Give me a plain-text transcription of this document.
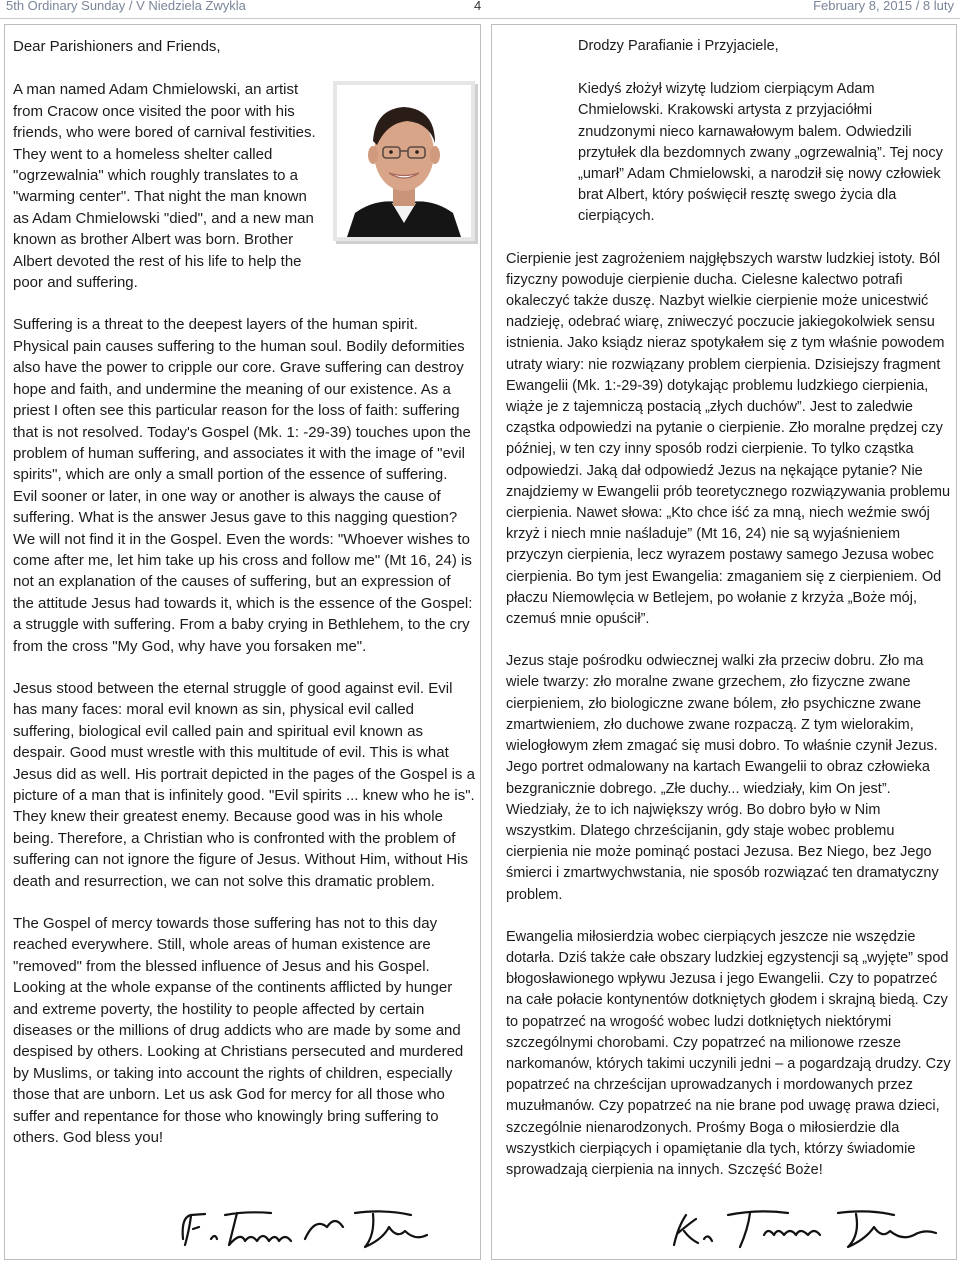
5th Ordinary Sunday / V Niedziela Zwykla	4	February 8, 2015 / 8 luty

Dear Parishioners and Friends,

A man named Adam Chmielowski, an artist from Cracow once visited the poor with his friends, who were bored of carnival festivities. They went to a homeless shelter called "ogrzewalnia" which roughly translates to a "warming center". That night the man known as Adam Chmielowski "died", and a new man known as brother Albert was born. Brother Albert devoted the rest of his life to help the poor and suffering.

Suffering is a threat to the deepest layers of the human spirit. Physical pain causes suffering to the human soul. Bodily deformities also have the power to cripple our core. Grave suffering can destroy hope and faith, and undermine the meaning of our existence. As a priest I often see this particular reason for the loss of faith: suffering that is not resolved. Today's Gospel (Mk. 1: -29-39) touches upon the problem of human suffering, and associates it with the image of "evil spirits", which are only a small portion of the essence of suffering. Evil sooner or later, in one way or another is always the cause of suffering. What is the answer Jesus gave to this nagging question? We will not find it in the Gospel. Even the words: "Whoever wishes to come after me, let him take up his cross and follow me" (Mt 16, 24) is not an explanation of the causes of suffering, but an expression of the attitude Jesus had towards it, which is the essence of the Gospel: a struggle with suffering. From a baby crying in Bethlehem, to the cry from the cross "My God, why have you forsaken me".

Jesus stood between the eternal struggle of good against evil. Evil has many faces: moral evil known as sin, physical evil called suffering, biological evil called pain and spiritual evil known as despair. Good must wrestle with this multitude of evil. This is what Jesus did as well. His portrait depicted in the pages of the Gospel is a picture of a man that is infinitely good. "Evil spirits ... knew who he is". They knew their greatest enemy. Because good was in his whole being. Therefore, a Christian who is confronted with the problem of suffering can not ignore the figure of Jesus. Without Him, without His death and resurrection, we can not solve this dramatic problem.

The Gospel of mercy towards those suffering has not to this day reached everywhere. Still, whole areas of human existence are "removed" from the blessed influence of Jesus and his Gospel. Looking at the whole expanse of the continents afflicted by hunger and extreme poverty, the hostility to people affected by certain diseases or the millions of drug addicts who are made by some and despised by others. Looking at Christians persecuted and murdered by Muslims, or taking into account the rights of children, especially those that are unborn. Let us ask God for mercy for all those who suffer and repentance for those who knowingly bring suffering to others. God bless you!

Drodzy Parafianie i Przyjaciele,

Kiedyś złożył wizytę ludziom cierpiącym Adam Chmielowski. Krakowski artysta z przyjaciółmi znudzonymi nieco karnawałowym balem. Odwiedzili przytułek dla bezdomnych zwany „ogrzewalnią”. Tej nocy „umarł” Adam Chmielowski, a narodził się nowy człowiek brat Albert, który poświęcił resztę swego życia dla cierpiących.

Cierpienie jest zagrożeniem najgłębszych warstw ludzkiej istoty. Ból fizyczny powoduje cierpienie ducha. Cielesne kalectwo potrafi okaleczyć także duszę. Nazbyt wielkie cierpienie może unicestwić nadzieję, odebrać wiarę, zniweczyć poczucie jakiegokolwiek sensu istnienia. Jako ksiądz nieraz spotykałem się z tym właśnie powodem utraty wiary: nie rozwiązany problem cierpienia. Dzisiejszy fragment Ewangelii (Mk. 1:-29-39) dotykając problemu ludzkiego cierpienia, wiąże je z tajemniczą postacią „złych duchów”. Jest to zaledwie cząstka odpowiedzi na pytanie o cierpienie. Zło moralne prędzej czy później, w ten czy inny sposób rodzi cierpienie. To tylko cząstka odpowiedzi. Jaką dał odpowiedź Jezus na nękające pytanie? Nie znajdziemy w Ewangelii prób teoretycznego rozwiązywania problemu cierpienia. Nawet słowa: „Kto chce iść za mną, niech weźmie swój krzyż i niech mnie naśladuje” (Mt 16, 24) nie są wyjaśnieniem przyczyn cierpienia, lecz wyrazem postawy samego Jezusa wobec cierpienia. Bo tym jest Ewangelia: zmaganiem się z cierpieniem. Od płaczu Niemowlęcia w Betlejem, po wołanie z krzyża „Boże mój, czemuś mnie opuścił”.

Jezus staje pośrodku odwiecznej walki zła przeciw dobru. Zło ma wiele twarzy: zło moralne zwane grzechem, zło fizyczne zwane cierpieniem, zło biologiczne zwane bólem, zło psychiczne zwane zmartwieniem, zło duchowe zwane rozpaczą. Z tym wielorakim, wielogłowym złem zmagać się musi dobro. To właśnie czynił Jezus. Jego portret odmalowany na kartach Ewangelii to obraz człowieka bezgranicznie dobrego. „Złe duchy... wiedziały, kim On jest”. Wiedziały, że to ich największy wróg. Bo dobro było w Nim wszystkim. Dlatego chrześcijanin, gdy staje wobec problemu cierpienia nie może pominąć postaci Jezusa. Bez Niego, bez Jego śmierci i zmartwychwstania, nie sposób rozwiązać ten dramatyczny problem.

Ewangelia miłosierdzia wobec cierpiących jeszcze nie wszędzie dotarła. Dziś także całe obszary ludzkiej egzystencji są „wyjęte” spod błogosławionego wpływu Jezusa i jego Ewangelii. Czy to popatrzeć na całe połacie kontynentów dotkniętych głodem i skrajną biedą. Czy to popatrzeć na wrogość wobec ludzi dotkniętych niektórymi szczególnymi chorobami. Czy popatrzeć na milionowe rzesze narkomanów, których takimi uczynili jedni – a pogardzają drudzy. Czy popatrzeć na chrześcijan uprowadzanych i mordowanych przez muzułmanów. Czy popatrzeć na nie brane pod uwagę prawa dzieci, szczególnie nienarodzonych. Prośmy Boga o miłosierdzie dla wszystkich cierpiących i opamiętanie dla tych, którzy świadomie sprowadzają cierpienia na innych. Szczęść Boże!
